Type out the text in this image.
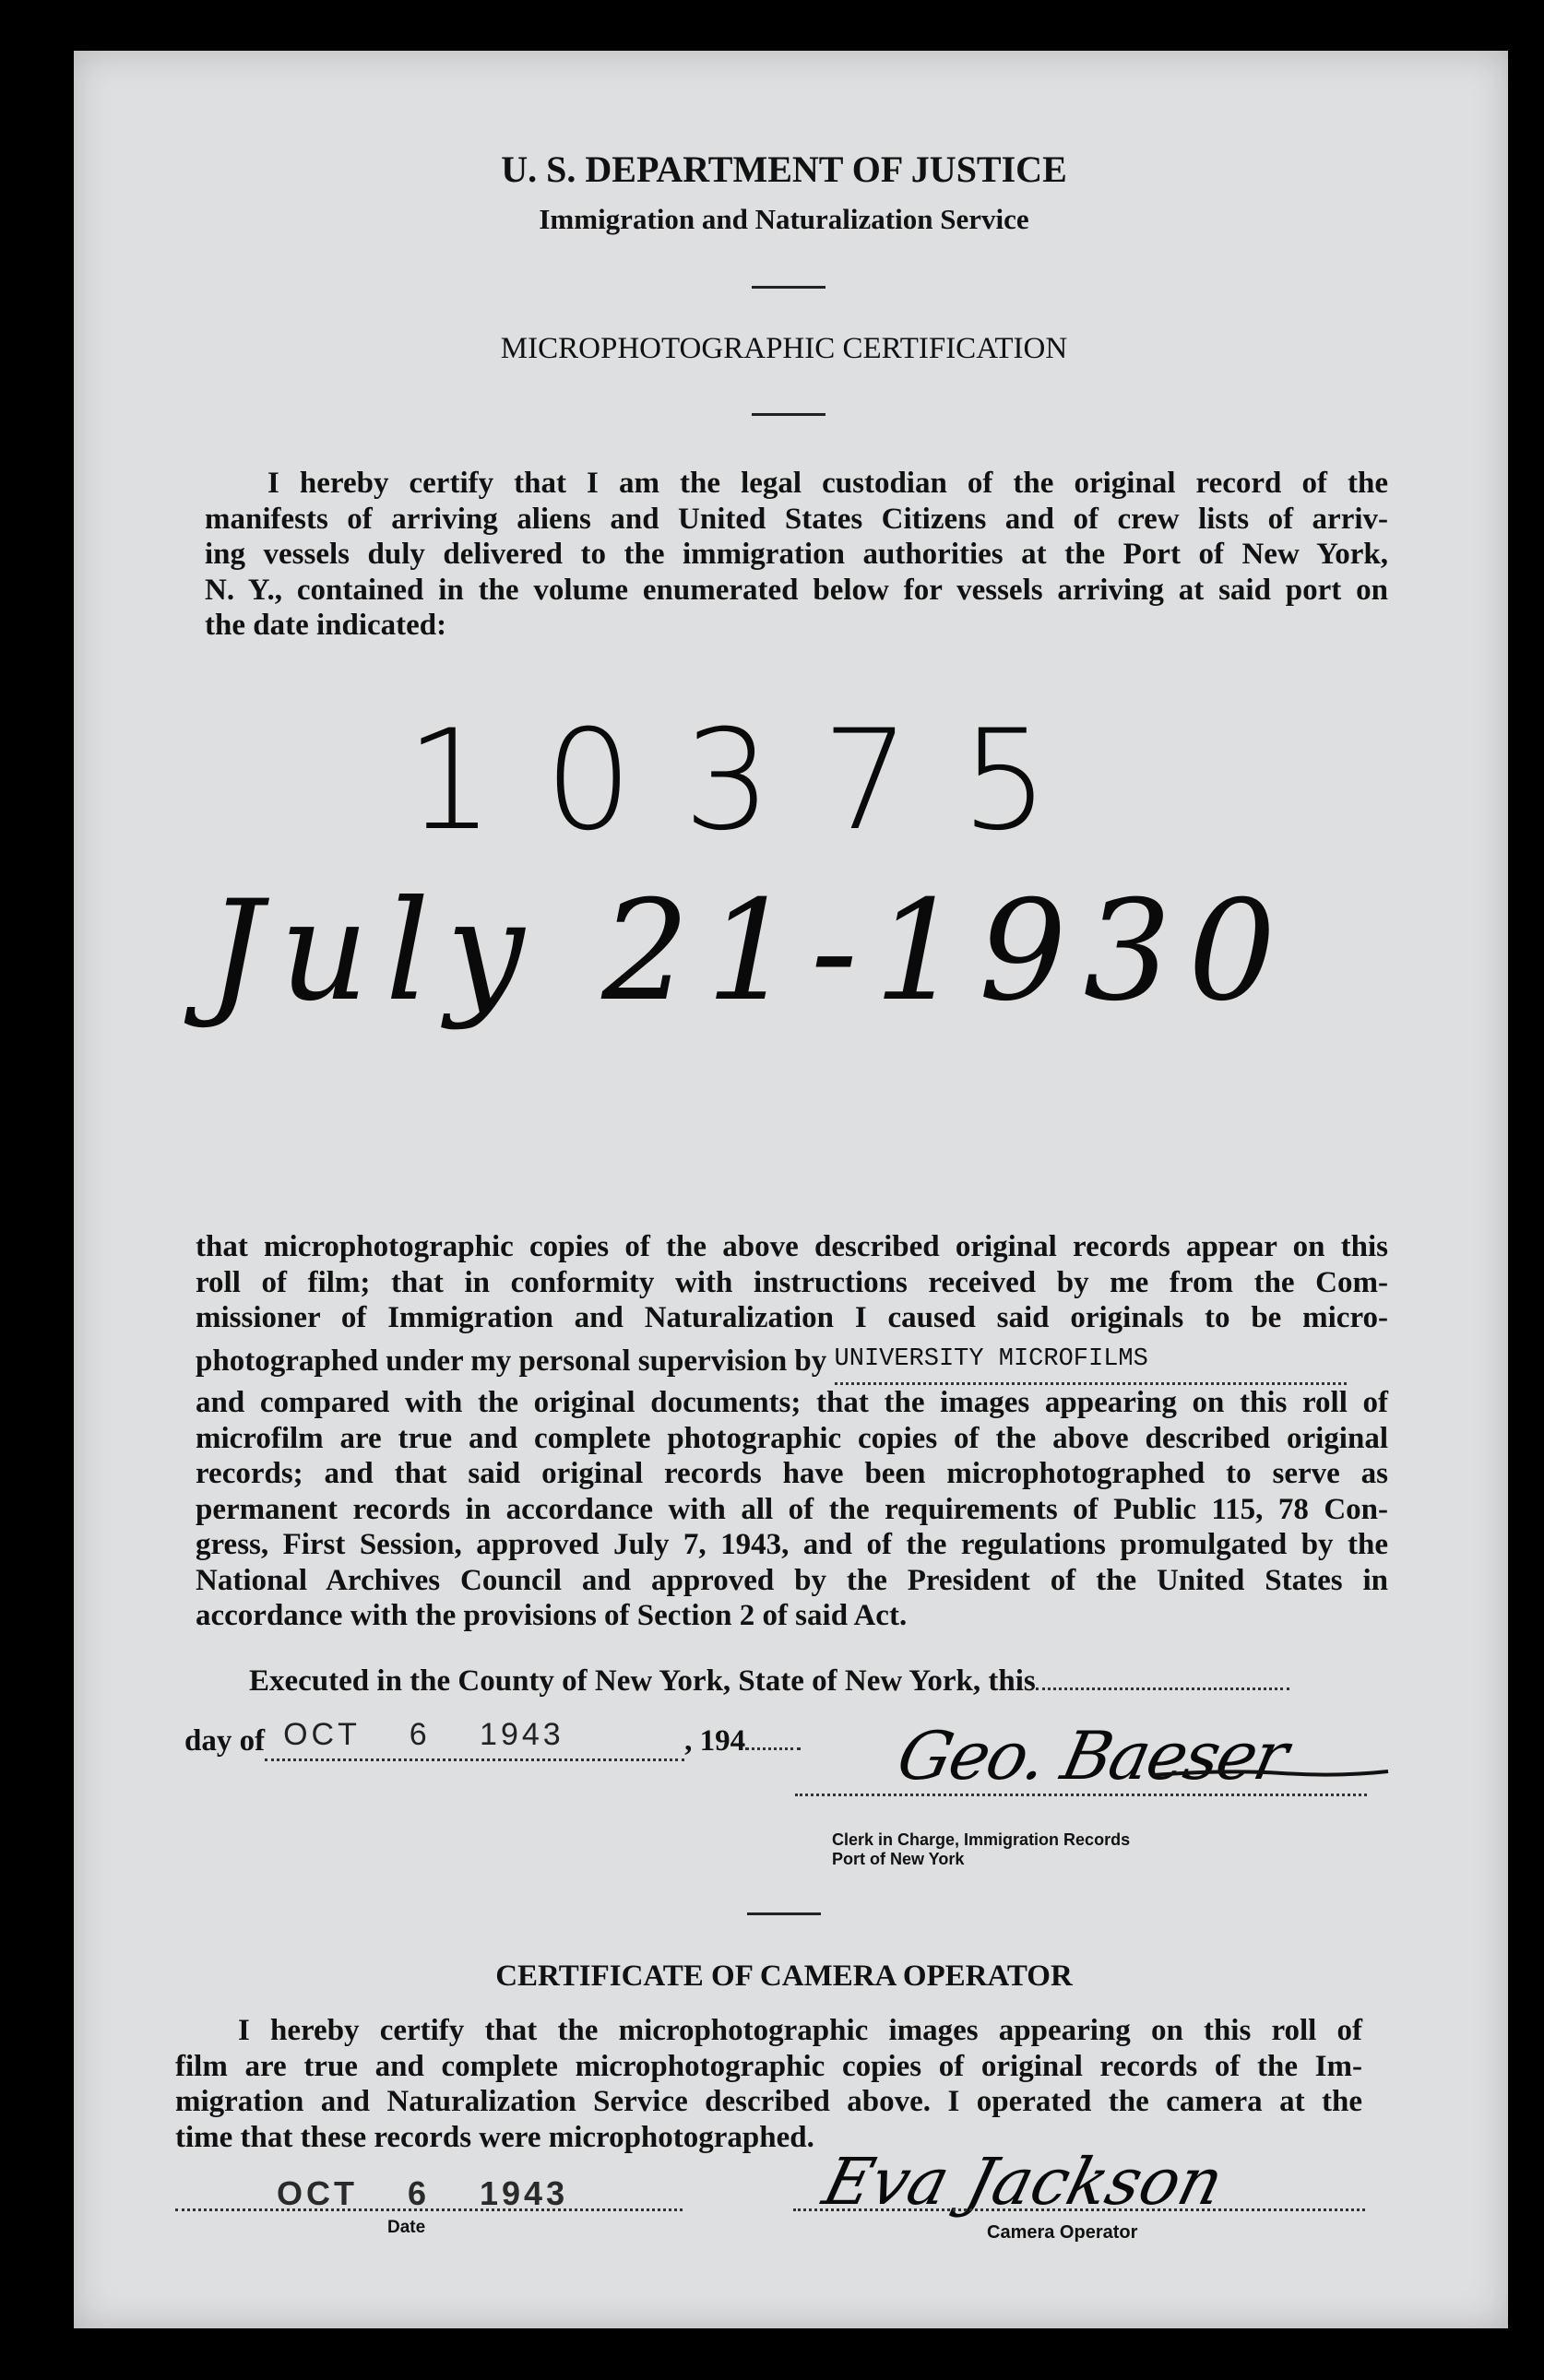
U. S. DEPARTMENT OF JUSTICE
Immigration and Naturalization Service
MICROPHOTOGRAPHIC CERTIFICATION
I hereby certify that I am the legal custodian of the original record of the
manifests of arriving aliens and United States Citizens and of crew lists of arriv-
ing vessels duly delivered to the immigration authorities at the Port of New York,
N. Y., contained in the volume enumerated below for vessels arriving at said port on
the date indicated:
10375
July 21-1930
that microphotographic copies of the above described original records appear on this
roll of film; that in conformity with instructions received by me from the Com-
missioner of Immigration and Naturalization I caused said originals to be micro-
photographed under my personal supervision by UNIVERSITY MICROFILMS
and compared with the original documents; that the images appearing on this roll of
microfilm are true and complete photographic copies of the above described original
records; and that said original records have been microphotographed to serve as
permanent records in accordance with all of the requirements of Public 115, 78 Con-
gress, First Session, approved July 7, 1943, and of the regulations promulgated by the
National Archives Council and approved by the President of the United States in
accordance with the provisions of Section 2 of said Act.
Executed in the County of New York, State of New York, this
day of OCT 6 1943	, 194	Geo. Baeser
Clerk in Charge, Immigration Records
Port of New York
CERTIFICATE OF CAMERA OPERATOR
I hereby certify that the microphotographic images appearing on this roll of
film are true and complete microphotographic copies of original records of the Im-
migration and Naturalization Service described above. I operated the camera at the
time that these records were microphotographed.
OCT 6 1943
Date
Eva Jackson
Camera Operator
